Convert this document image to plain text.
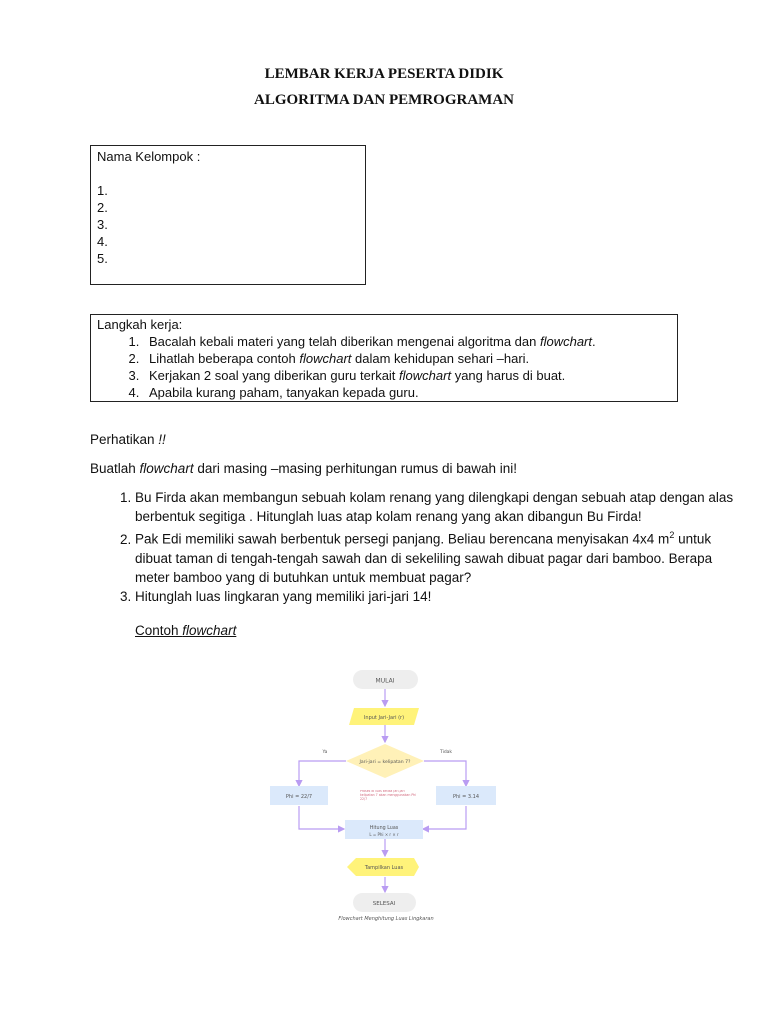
LEMBAR KERJA PESERTA DIDIK
ALGORITMA DAN PEMROGRAMAN
Nama Kelompok :
1.
2.
3.
4.
5.
Langkah kerja:
1. Bacalah kebali materi yang telah diberikan mengenai algoritma dan flowchart.
2. Lihatlah beberapa contoh flowchart dalam kehidupan sehari –hari.
3. Kerjakan 2 soal yang diberikan guru terkait flowchart yang harus di buat.
4. Apabila kurang paham, tanyakan kepada guru.
Perhatikan !!
Buatlah flowchart dari masing –masing perhitungan rumus di bawah ini!
1. Bu Firda akan membangun sebuah kolam renang yang dilengkapi dengan sebuah atap dengan alas berbentuk segitiga . Hitunglah luas atap kolam renang yang akan dibangun Bu Firda!
2. Pak Edi memiliki sawah berbentuk persegi panjang. Beliau berencana menyisakan 4x4 $m^2$ untuk dibuat taman di tengah-tengah sawah dan di sekeliling sawah dibuat pagar dari bamboo. Berapa meter bamboo yang di butuhkan untuk membuat pagar?
3. Hitunglah luas lingkaran yang memiliki jari-jari 14!
Contoh flowchart
MULAI
Input Jari-Jari (r)
Jari-jari = kelipatan 7?
Ya	Tidak
Phi = 22/7	Phi = 3.14
Proses di luas ketika Jari-jari kelipatan 7 akan menggunakan Phi 22/7
Hitung Luas
L = Phi × r × r
Tampilkan Luas
SELESAI
Flowchart Menghitung Luas Lingkaran
